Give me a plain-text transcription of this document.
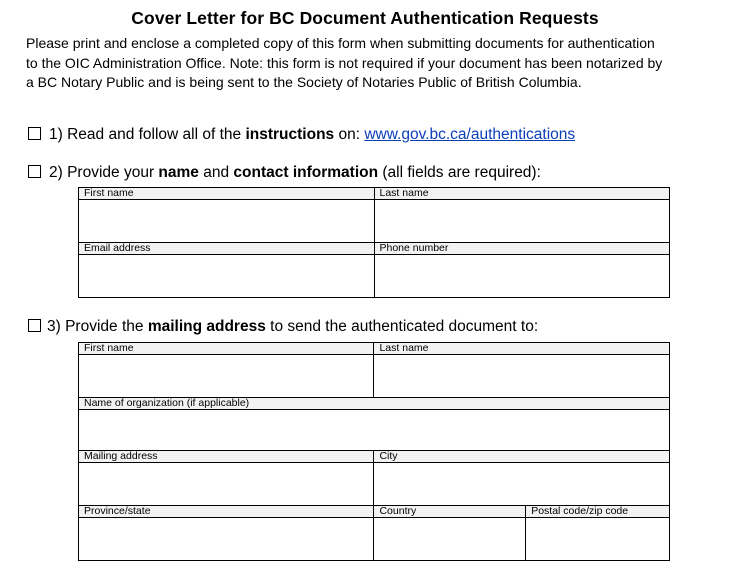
Cover Letter for BC Document Authentication Requests
Please print and enclose a completed copy of this form when submitting documents for authentication
to the OIC Administration Office. Note: this form is not required if your document has been notarized by
a BC Notary Public and is being sent to the Society of Notaries Public of British Columbia.
1) Read and follow all of the instructions on: www.gov.bc.ca/authentications
2) Provide your name and contact information (all fields are required):
First name	Last name

Email address	Phone number

3) Provide the mailing address to send the authenticated document to:
First name	Last name	

Name of organization (if applicable)		

Mailing address	City	

Province/state	Country	Postal code/zip code
